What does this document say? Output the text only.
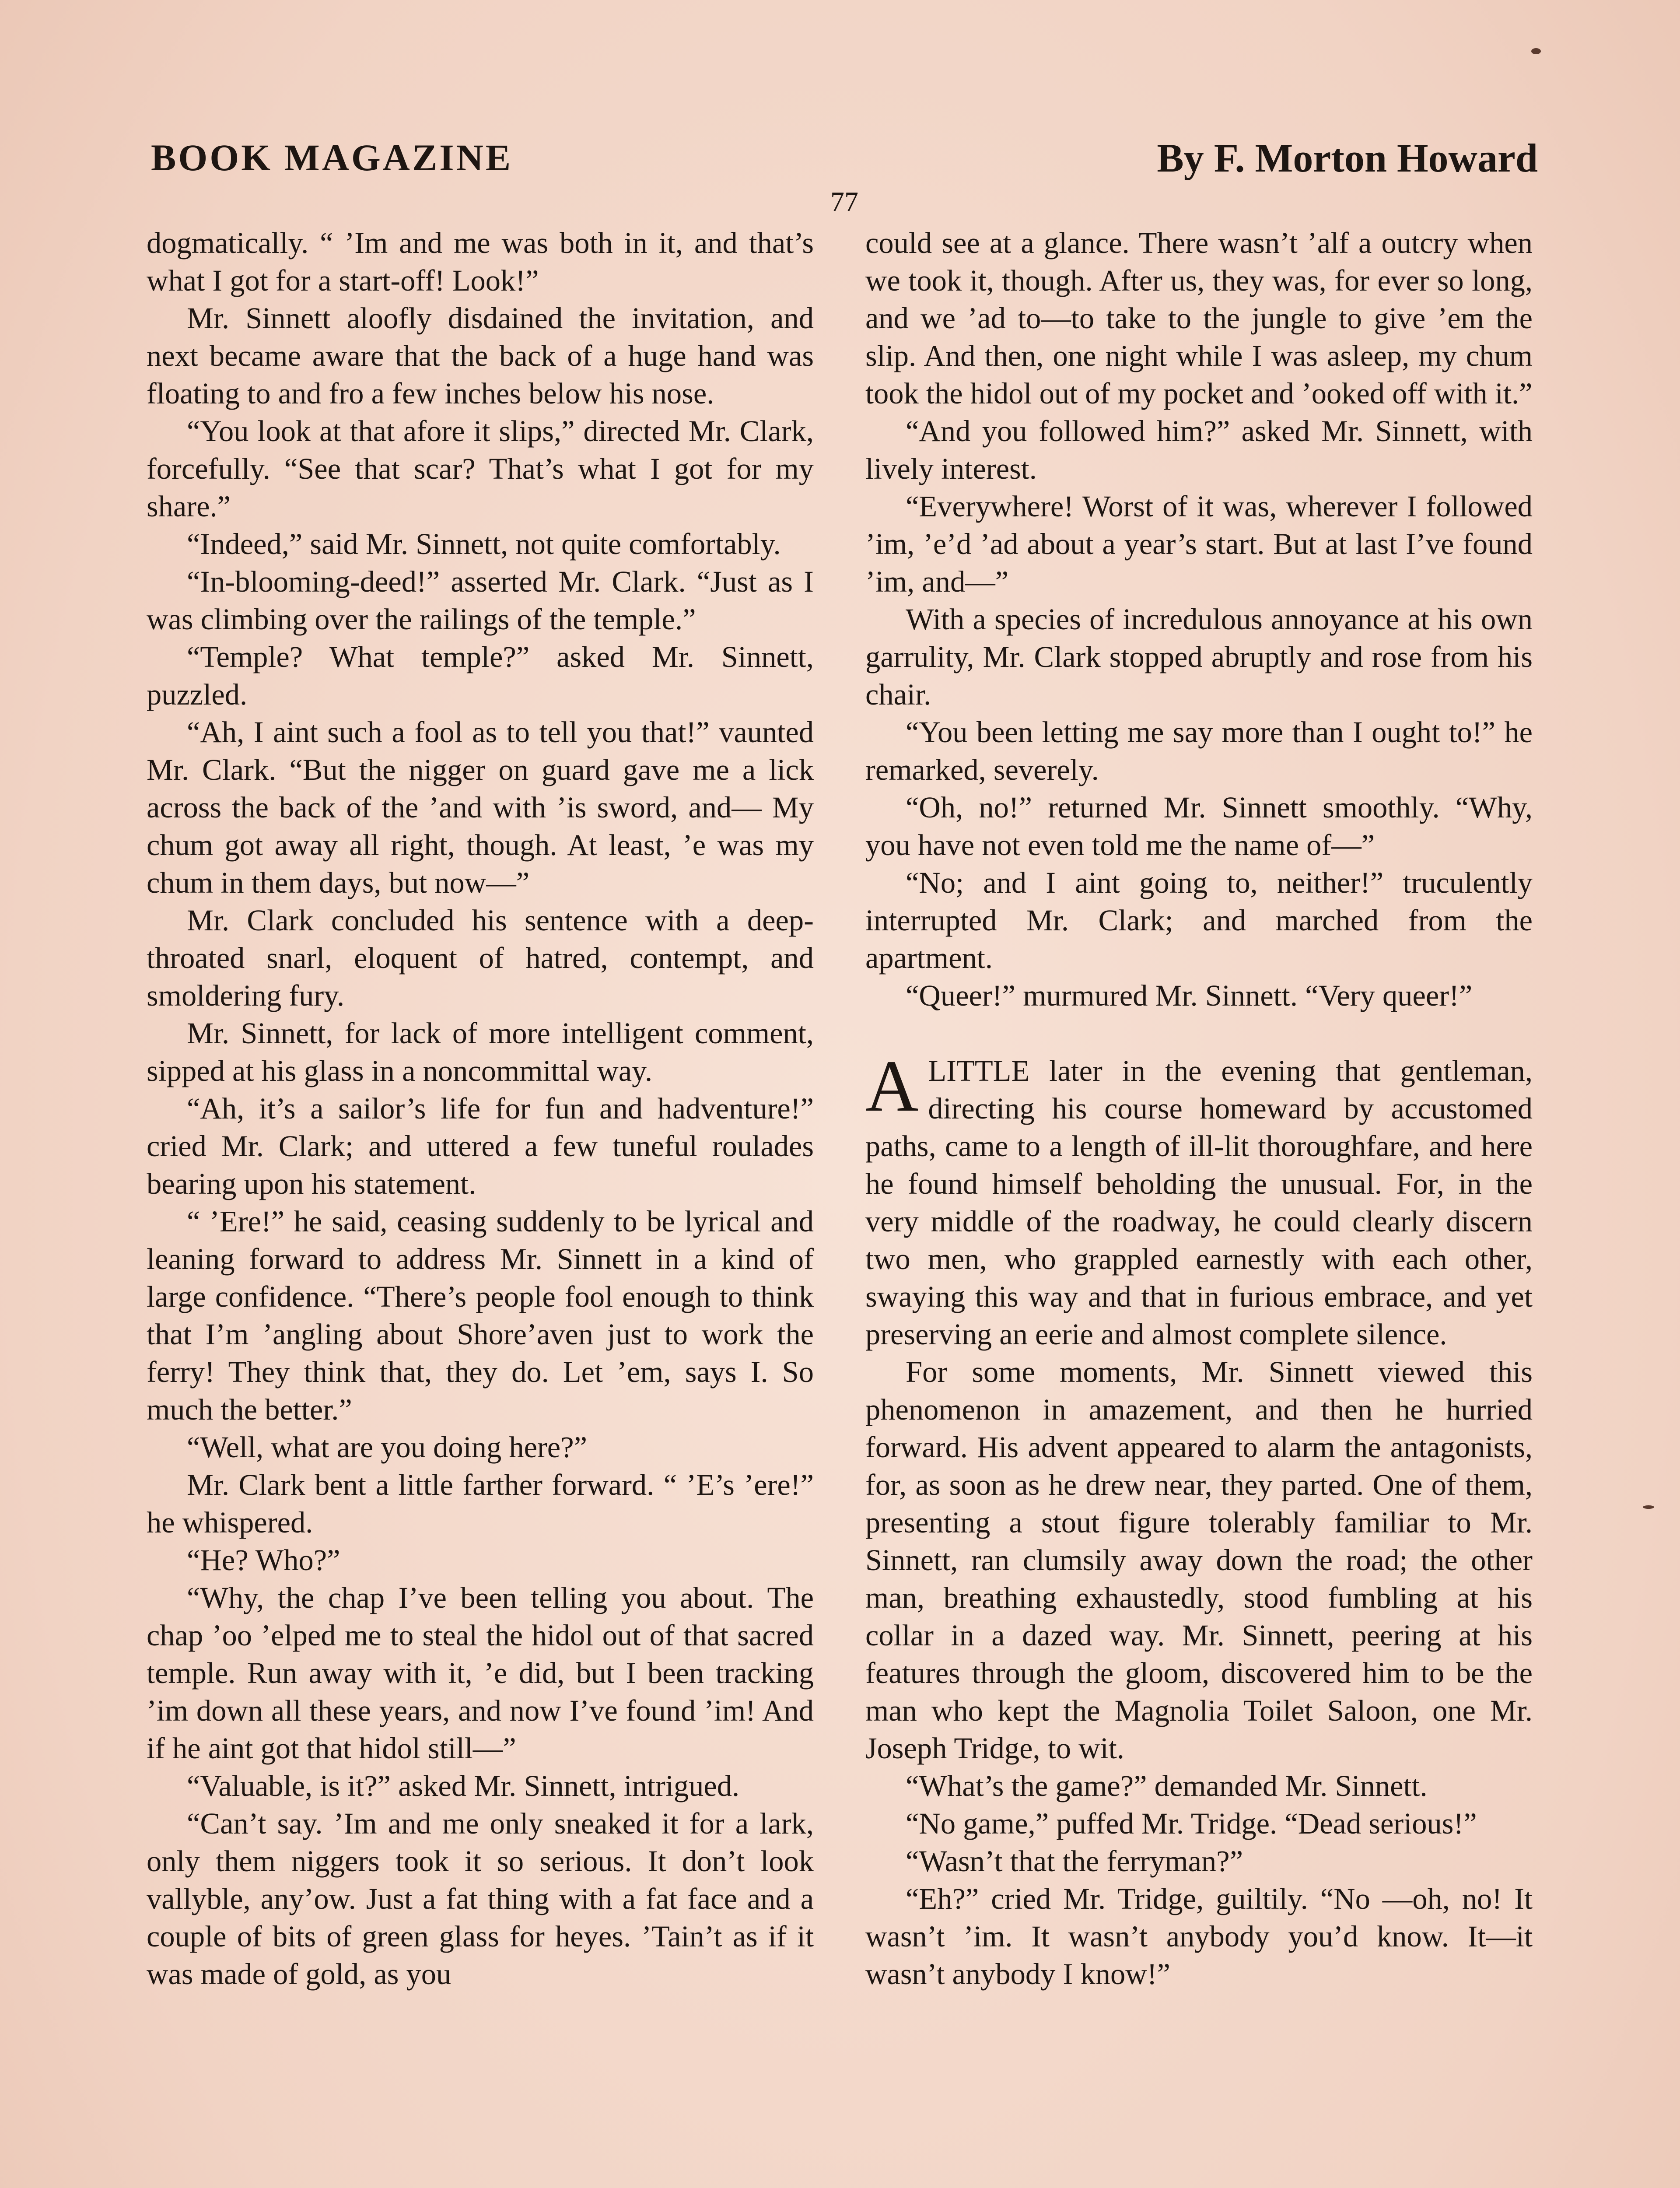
BOOK MAGAZINE	By F. Morton Howard
77

dogmatically. “ ’Im and me was both in it, and that’s what I got for a start-off! Look!”

Mr. Sinnett aloofly disdained the invitation, and next became aware that the back of a huge hand was floating to and fro a few inches below his nose.

“You look at that afore it slips,” directed Mr. Clark, forcefully. “See that scar? That’s what I got for my share.”

“Indeed,” said Mr. Sinnett, not quite comfortably.

“In-blooming-deed!” asserted Mr. Clark. “Just as I was climbing over the railings of the temple.”

“Temple? What temple?” asked Mr. Sinnett, puzzled.

“Ah, I aint such a fool as to tell you that!” vaunted Mr. Clark. “But the nigger on guard gave me a lick across the back of the ’and with ’is sword, and— My chum got away all right, though. At least, ’e was my chum in them days, but now—”

Mr. Clark concluded his sentence with a deep-throated snarl, eloquent of hatred, contempt, and smoldering fury.

Mr. Sinnett, for lack of more intelligent comment, sipped at his glass in a noncommittal way.

“Ah, it’s a sailor’s life for fun and hadventure!” cried Mr. Clark; and uttered a few tuneful roulades bearing upon his statement.

“ ’Ere!” he said, ceasing suddenly to be lyrical and leaning forward to address Mr. Sinnett in a kind of large confidence. “There’s people fool enough to think that I’m ’angling about Shore’aven just to work the ferry! They think that, they do. Let ’em, says I. So much the better.”

“Well, what are you doing here?”

Mr. Clark bent a little farther forward. “ ’E’s ’ere!” he whispered.

“He? Who?”

“Why, the chap I’ve been telling you about. The chap ’oo ’elped me to steal the hidol out of that sacred temple. Run away with it, ’e did, but I been tracking ’im down all these years, and now I’ve found ’im! And if he aint got that hidol still—”

“Valuable, is it?” asked Mr. Sinnett, intrigued.

“Can’t say. ’Im and me only sneaked it for a lark, only them niggers took it so serious. It don’t look vallyble, any’ow. Just a fat thing with a fat face and a couple of bits of green glass for heyes. ’Tain’t as if it was made of gold, as you

could see at a glance. There wasn’t ’alf a outcry when we took it, though. After us, they was, for ever so long, and we ’ad to—to take to the jungle to give ’em the slip. And then, one night while I was asleep, my chum took the hidol out of my pocket and ’ooked off with it.”

“And you followed him?” asked Mr. Sinnett, with lively interest.

“Everywhere! Worst of it was, wherever I followed ’im, ’e’d ’ad about a year’s start. But at last I’ve found ’im, and—”

With a species of incredulous annoyance at his own garrulity, Mr. Clark stopped abruptly and rose from his chair.

“You been letting me say more than I ought to!” he remarked, severely.

“Oh, no!” returned Mr. Sinnett smoothly. “Why, you have not even told me the name of—”

“No; and I aint going to, neither!” truculently interrupted Mr. Clark; and marched from the apartment.

“Queer!” murmured Mr. Sinnett. “Very queer!”

ALITTLE later in the evening that gentleman, directing his course homeward by accustomed paths, came to a length of ill-lit thoroughfare, and here he found himself beholding the unusual. For, in the very middle of the roadway, he could clearly discern two men, who grappled earnestly with each other, swaying this way and that in furious embrace, and yet preserving an eerie and almost complete silence.

For some moments, Mr. Sinnett viewed this phenomenon in amazement, and then he hurried forward. His advent appeared to alarm the antagonists, for, as soon as he drew near, they parted. One of them, presenting a stout figure tolerably familiar to Mr. Sinnett, ran clumsily away down the road; the other man, breathing exhaustedly, stood fumbling at his collar in a dazed way. Mr. Sinnett, peering at his features through the gloom, discovered him to be the man who kept the Magnolia Toilet Saloon, one Mr. Joseph Tridge, to wit.

“What’s the game?” demanded Mr. Sinnett.

“No game,” puffed Mr. Tridge. “Dead serious!”

“Wasn’t that the ferryman?”

“Eh?” cried Mr. Tridge, guiltily. “No —oh, no! It wasn’t ’im. It wasn’t anybody you’d know. It—it wasn’t anybody I know!”
